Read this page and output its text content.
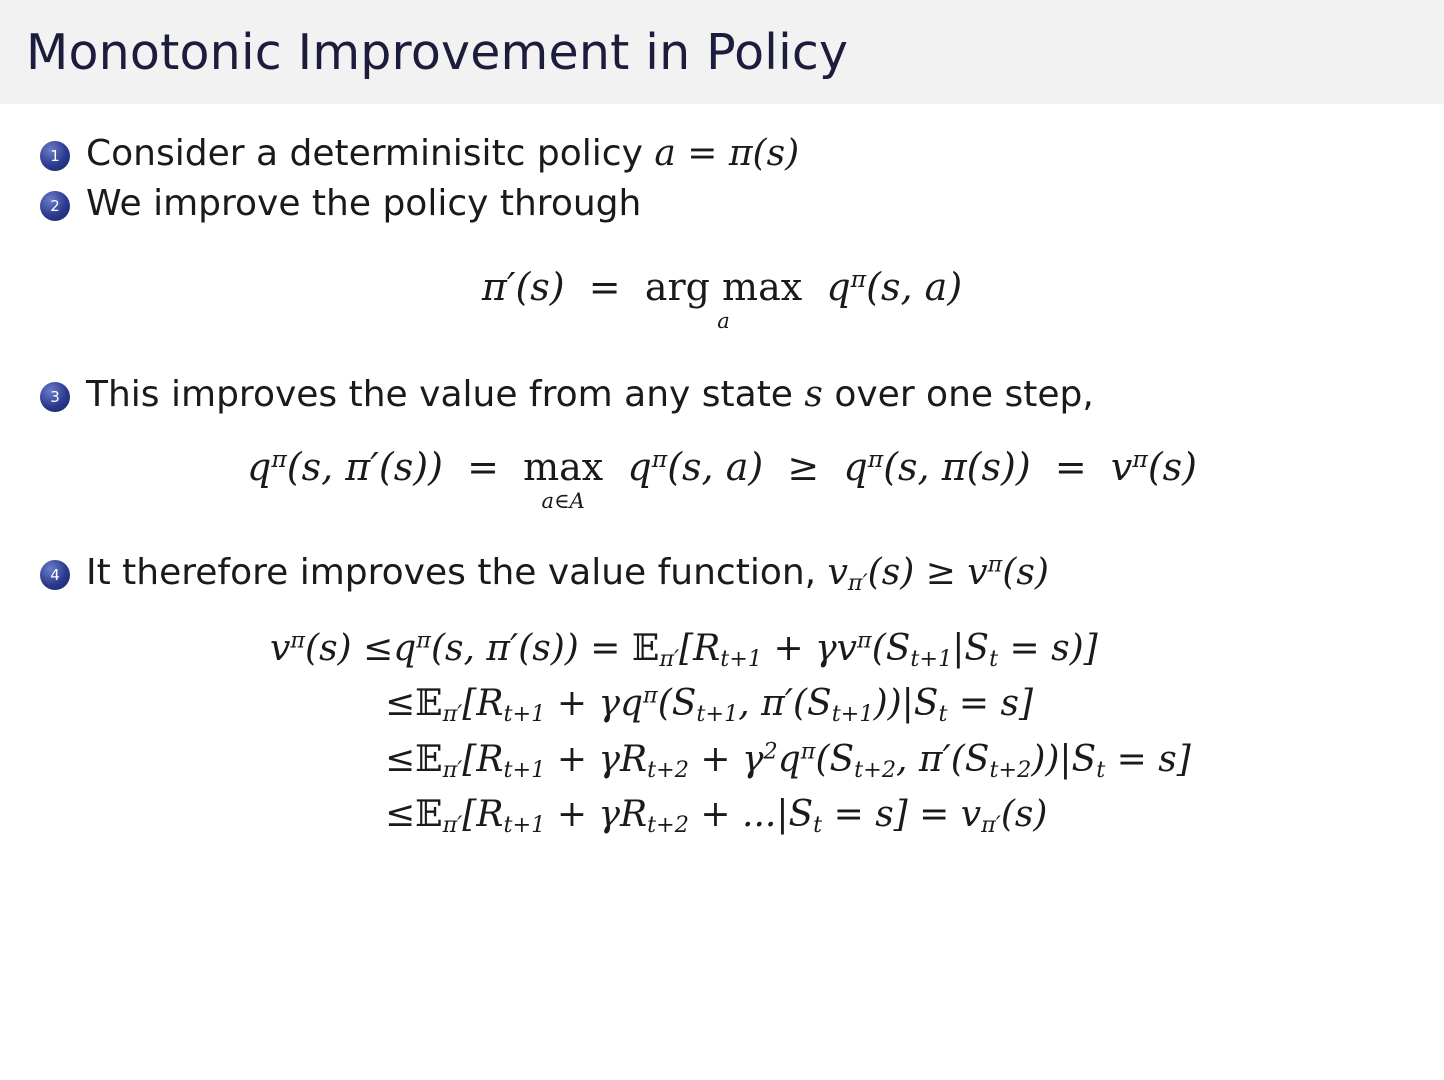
Monotonic Improvement in Policy
1 Consider a determinisitc policy a = π(s)
2 We improve the policy through
π′(s)  =  arg max
a
$q^\pi(s$, a)
3 This improves the value from any state s over one step,
$q^\pi(s$, π′(s))  =  max
a∈A
$q^\pi(s$, $a) \ge q^\pi(s$, $\pi(s)) = v^\pi(s)$
4 It therefore improves the value function, $v_{\pi'}(s) \ge v^\pi(s)$
$v^\pi(s) \le q^\pi(s$, $\pi'(s)) = 𝔼_{\pi'}[R_{t+1} + \gamma v^\pi(S_{t+1}|S_t = s)]$
$\le 𝔼_{\pi'}[R_{t+1} + \gamma q^\pi(S_{t+1}$, $\pi'(S_{t+1}))|S_t = s$]
$\le 𝔼_{\pi'}[R_{t+1} + \gamma R_{t+2} + \gamma^2q^\pi(S_{t+2}$, $\pi'(S_{t+2}))|S_t = s$]
$\le 𝔼_{\pi'}[R_{t+1} + \gamma R_{t+2} + ...|S_t = s] = v_{\pi'}(s)$
